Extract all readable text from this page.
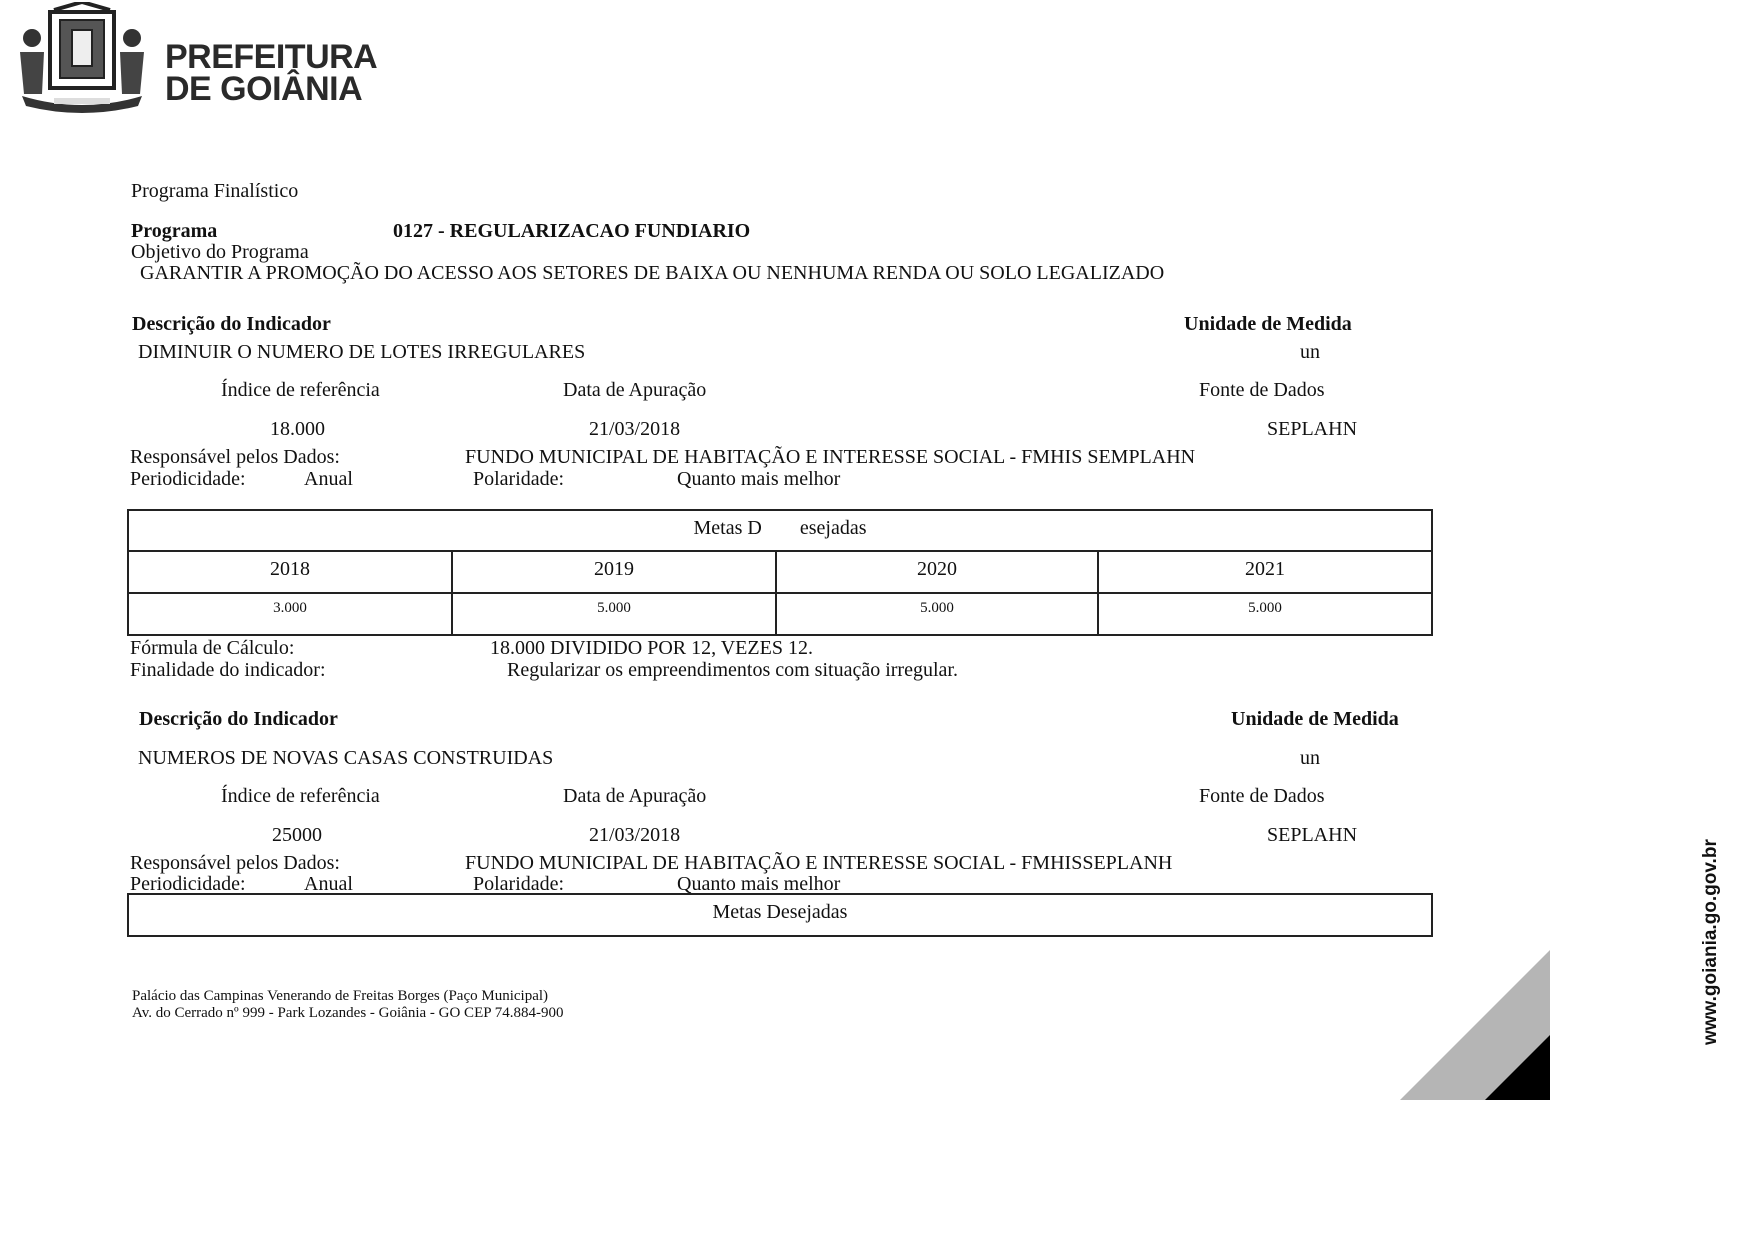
PREFEITURA
DE GOIÂNIA
Programa Finalístico
Programa	0127 - REGULARIZACAO FUNDIARIO
Objetivo do Programa
GARANTIR A PROMOÇÃO DO ACESSO AOS SETORES DE BAIXA OU NENHUMA RENDA OU SOLO LEGALIZADO
Descrição do Indicador	Unidade de Medida
DIMINUIR O NUMERO DE LOTES IRREGULARES	un
Índice de referência	Data de Apuração	Fonte de Dados
18.000	21/03/2018	SEPLAHN
Responsável pelos Dados:	FUNDO MUNICIPAL DE HABITAÇÃO E INTERESSE SOCIAL - FMHIS SEMPLAHN
Periodicidade:	Anual	Polaridade:	Quanto mais melhor
Metas D esejadas
2018	2019	2020	2021
3.000	5.000	5.000	5.000
Fórmula de Cálculo:	18.000 DIVIDIDO POR 12, VEZES 12.
Finalidade do indicador:	Regularizar os empreendimentos com situação irregular.
Descrição do Indicador	Unidade de Medida
NUMEROS DE NOVAS CASAS CONSTRUIDAS	un
Índice de referência	Data de Apuração	Fonte de Dados
25000	21/03/2018	SEPLAHN
Responsável pelos Dados:	FUNDO MUNICIPAL DE HABITAÇÃO E INTERESSE SOCIAL - FMHISSEPLANH
Periodicidade:	Anual	Polaridade:	Quanto mais melhor
Metas Desejadas
Palácio das Campinas Venerando de Freitas Borges (Paço Municipal)
Av. do Cerrado nº 999 - Park Lozandes - Goiânia - GO CEP 74.884-900	www.goiania.go.gov.br
